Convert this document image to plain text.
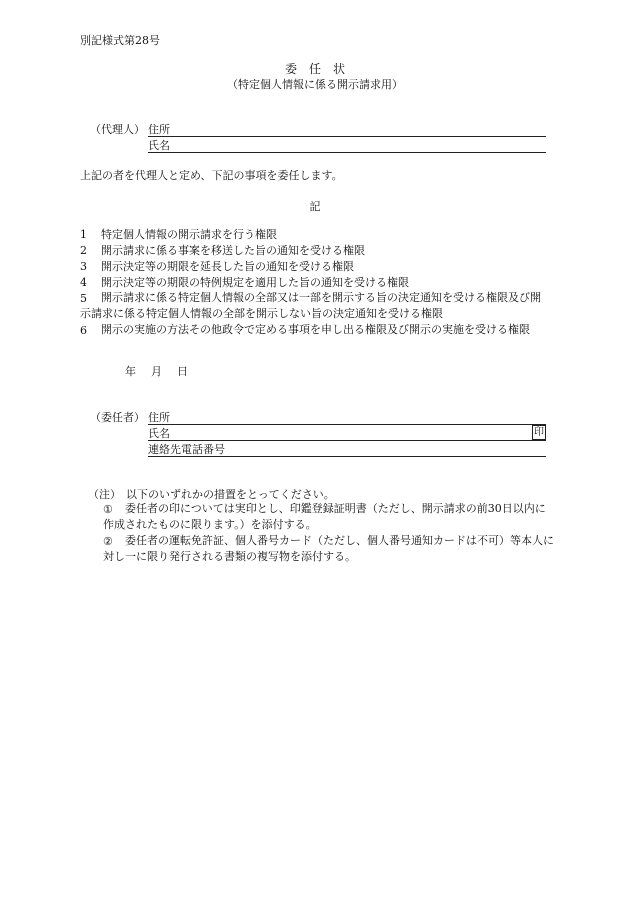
別記様式第28号
委　任　状
（特定個人情報に係る開示請求用）
（代理人） 住所
氏名
上記の者を代理人と定め、下記の事項を委任します。
記
1 特定個人情報の開示請求を行う権限
2 開示請求に係る事案を移送した旨の通知を受ける権限
3 開示決定等の期限を延長した旨の通知を受ける権限
4 開示決定等の期限の特例規定を適用した旨の通知を受ける権限
5	開示請求に係る特定個人情報の全部又は一部を開示する旨の決定通知を受ける権限及び開示請求に係る特定個人情報の全部を開示しない旨の決定通知を受ける権限
6	開示の実施の方法その他政令で定める事項を申し出る権限及び開示の実施を受ける権限
年　月　日
（委任者） 住所
氏名	印
連絡先電話番号
（注） 以下のいずれかの措置をとってください。
①	委任者の印については実印とし、印鑑登録証明書（ただし、開示請求の前30日以内に作成されたものに限ります。）を添付する。
②	委任者の運転免許証、個人番号カード（ただし、個人番号通知カードは不可）等本人に対し一に限り発行される書類の複写物を添付する。
